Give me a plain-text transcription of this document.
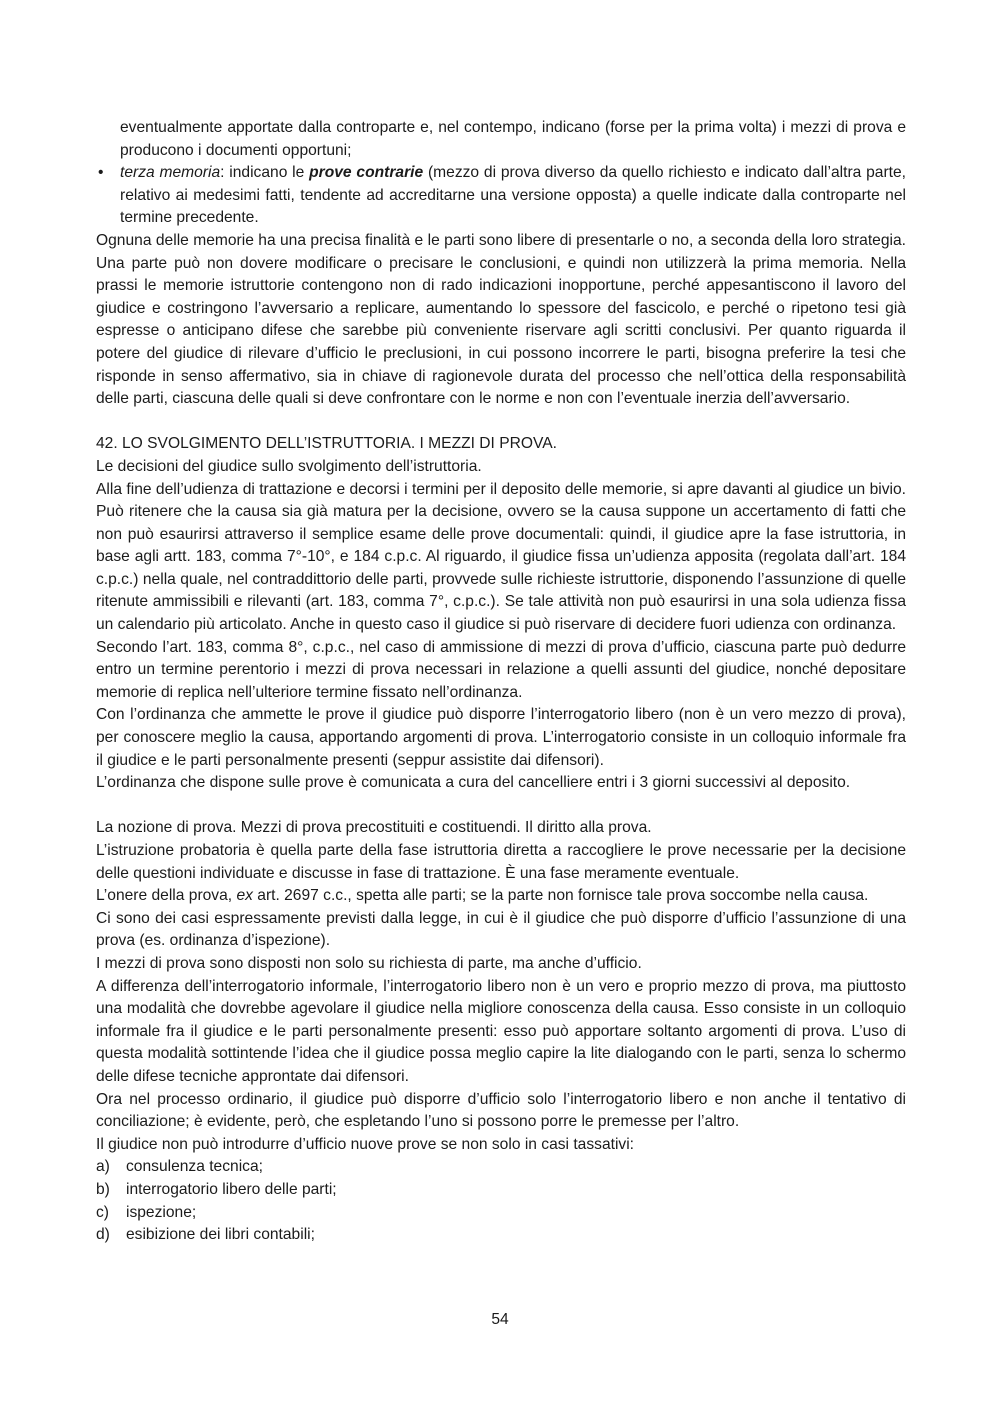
eventualmente apportate dalla controparte e, nel contempo, indicano (forse per la prima volta) i mezzi di prova e producono i documenti opportuni;

•	terza memoria: indicano le prove contrarie (mezzo di prova diverso da quello richiesto e indicato dall’altra parte, relativo ai medesimi fatti, tendente ad accreditarne una versione opposta) a quelle indicate dalla controparte nel termine precedente.

Ognuna delle memorie ha una precisa finalità e le parti sono libere di presentarle o no, a seconda della loro strategia. Una parte può non dovere modificare o precisare le conclusioni, e quindi non utilizzerà la prima memoria. Nella prassi le memorie istruttorie contengono non di rado indicazioni inopportune, perché appesantiscono il lavoro del giudice e costringono l’avversario a replicare, aumentando lo spessore del fascicolo, e perché o ripetono tesi già espresse o anticipano difese che sarebbe più conveniente riservare agli scritti conclusivi. Per quanto riguarda il potere del giudice di rilevare d’ufficio le preclusioni, in cui possono incorrere le parti, bisogna preferire la tesi che risponde in senso affermativo, sia in chiave di ragionevole durata del processo che nell’ottica della responsabilità delle parti, ciascuna delle quali si deve confrontare con le norme e non con l’eventuale inerzia dell’avversario.

42. LO SVOLGIMENTO DELL’ISTRUTTORIA. I MEZZI DI PROVA.

Le decisioni del giudice sullo svolgimento dell’istruttoria.

Alla fine dell’udienza di trattazione e decorsi i termini per il deposito delle memorie, si apre davanti al giudice un bivio. Può ritenere che la causa sia già matura per la decisione, ovvero se la causa suppone un accertamento di fatti che non può esaurirsi attraverso il semplice esame delle prove documentali: quindi, il giudice apre la fase istruttoria, in base agli artt. 183, comma 7°-10°, e 184 c.p.c. Al riguardo, il giudice fissa un’udienza apposita (regolata dall’art. 184 c.p.c.) nella quale, nel contraddittorio delle parti, provvede sulle richieste istruttorie, disponendo l’assunzione di quelle ritenute ammissibili e rilevanti (art. 183, comma 7°, c.p.c.). Se tale attività non può esaurirsi in una sola udienza fissa un calendario più articolato. Anche in questo caso il giudice si può riservare di decidere fuori udienza con ordinanza.

Secondo l’art. 183, comma 8°, c.p.c., nel caso di ammissione di mezzi di prova d’ufficio, ciascuna parte può dedurre entro un termine perentorio i mezzi di prova necessari in relazione a quelli assunti del giudice, nonché depositare memorie di replica nell’ulteriore termine fissato nell’ordinanza.

Con l’ordinanza che ammette le prove il giudice può disporre l’interrogatorio libero (non è un vero mezzo di prova), per conoscere meglio la causa, apportando argomenti di prova. L’interrogatorio consiste in un colloquio informale fra il giudice e le parti personalmente presenti (seppur assistite dai difensori).

L’ordinanza che dispone sulle prove è comunicata a cura del cancelliere entri i 3 giorni successivi al deposito.

La nozione di prova. Mezzi di prova precostituiti e costituendi. Il diritto alla prova.

L’istruzione probatoria è quella parte della fase istruttoria diretta a raccogliere le prove necessarie per la decisione delle questioni individuate e discusse in fase di trattazione. È una fase meramente eventuale.

L’onere della prova, ex art. 2697 c.c., spetta alle parti; se la parte non fornisce tale prova soccombe nella causa.

Ci sono dei casi espressamente previsti dalla legge, in cui è il giudice che può disporre d’ufficio l’assunzione di una prova (es. ordinanza d’ispezione).

I mezzi di prova sono disposti non solo su richiesta di parte, ma anche d’ufficio.

A differenza dell’interrogatorio informale, l’interrogatorio libero non è un vero e proprio mezzo di prova, ma piuttosto una modalità che dovrebbe agevolare il giudice nella migliore conoscenza della causa. Esso consiste in un colloquio informale fra il giudice e le parti personalmente presenti: esso può apportare soltanto argomenti di prova. L’uso di questa modalità sottintende l’idea che il giudice possa meglio capire la lite dialogando con le parti, senza lo schermo delle difese tecniche approntate dai difensori.

Ora nel processo ordinario, il giudice può disporre d’ufficio solo l’interrogatorio libero e non anche il tentativo di conciliazione; è evidente, però, che espletando l’uno si possono porre le premesse per l’altro.

Il giudice non può introdurre d’ufficio nuove prove se non solo in casi tassativi:

a) consulenza tecnica;
b) interrogatorio libero delle parti;
c) ispezione;
d) esibizione dei libri contabili;
54
